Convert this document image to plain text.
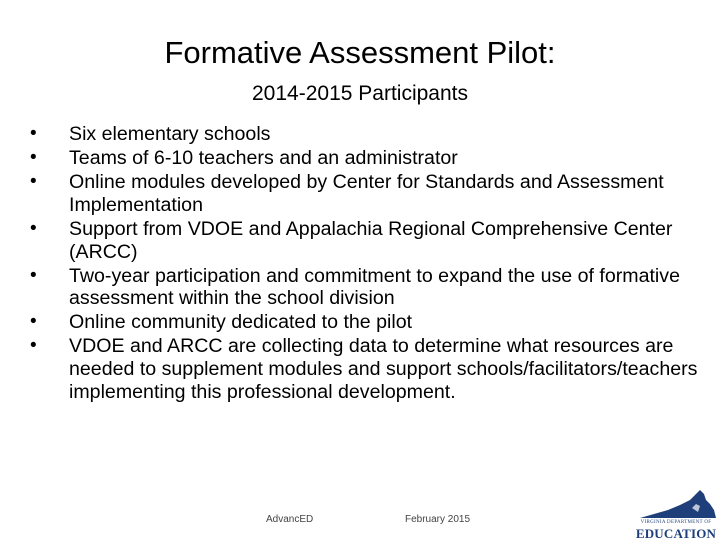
Formative Assessment Pilot:
2014-2015 Participants
• Six elementary schools
• Teams of 6-10 teachers and an administrator
• Online modules developed by Center for Standards and Assessment Implementation
• Support from VDOE and Appalachia Regional Comprehensive Center (ARCC)
• Two-year participation and commitment to expand the use of formative assessment within the school division
• Online community dedicated to the pilot
• VDOE and ARCC are collecting data to determine what resources are needed to supplement modules and support schools/facilitators/teachers implementing this professional development.
AdvancED	February 2015	VIRGINIA DEPARTMENT OF
EDUCATION
